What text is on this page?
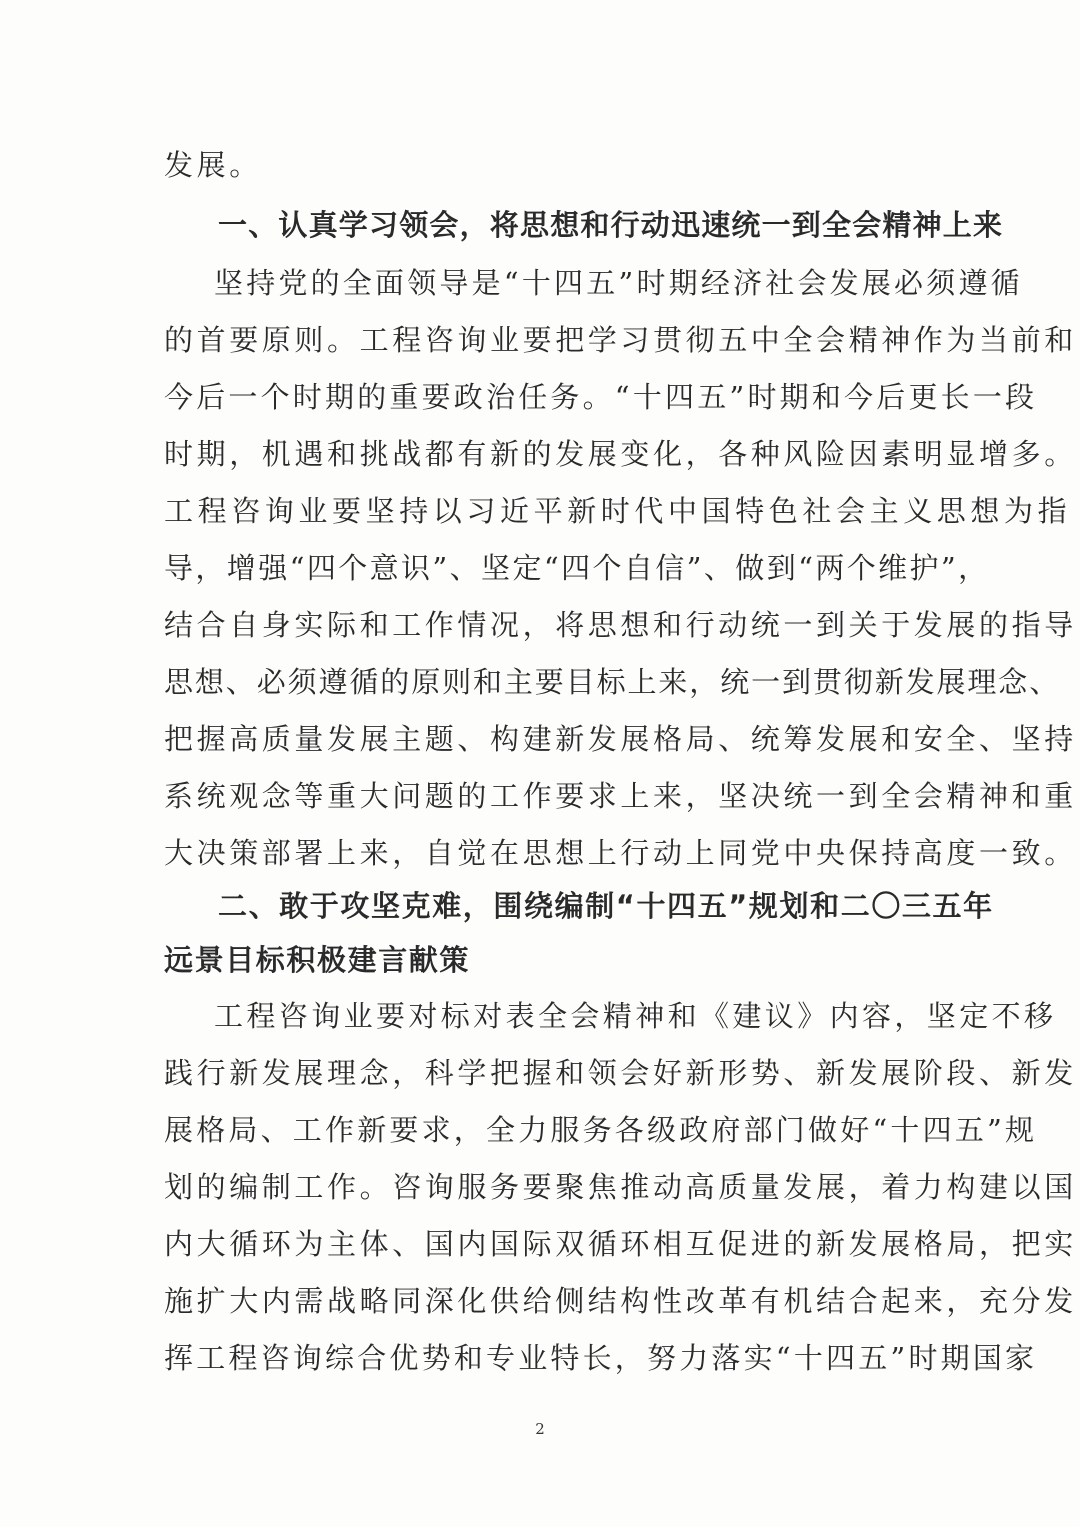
发展。
一、认真学习领会，将思想和行动迅速统一到全会精神上来
坚持党的全面领导是“十四五”时期经济社会发展必须遵循
的首要原则。工程咨询业要把学习贯彻五中全会精神作为当前和
今后一个时期的重要政治任务。“十四五”时期和今后更长一段
时期，机遇和挑战都有新的发展变化，各种风险因素明显增多。
工程咨询业要坚持以习近平新时代中国特色社会主义思想为指
导，增强“四个意识”、坚定“四个自信”、做到“两个维护”，
结合自身实际和工作情况，将思想和行动统一到关于发展的指导
思想、必须遵循的原则和主要目标上来，统一到贯彻新发展理念、
把握高质量发展主题、构建新发展格局、统筹发展和安全、坚持
系统观念等重大问题的工作要求上来，坚决统一到全会精神和重
大决策部署上来，自觉在思想上行动上同党中央保持高度一致。
二、敢于攻坚克难，围绕编制“十四五”规划和二〇三五年
远景目标积极建言献策
工程咨询业要对标对表全会精神和《建议》内容，坚定不移
践行新发展理念，科学把握和领会好新形势、新发展阶段、新发
展格局、工作新要求，全力服务各级政府部门做好“十四五”规
划的编制工作。咨询服务要聚焦推动高质量发展，着力构建以国
内大循环为主体、国内国际双循环相互促进的新发展格局，把实
施扩大内需战略同深化供给侧结构性改革有机结合起来，充分发
挥工程咨询综合优势和专业特长，努力落实“十四五”时期国家
2
